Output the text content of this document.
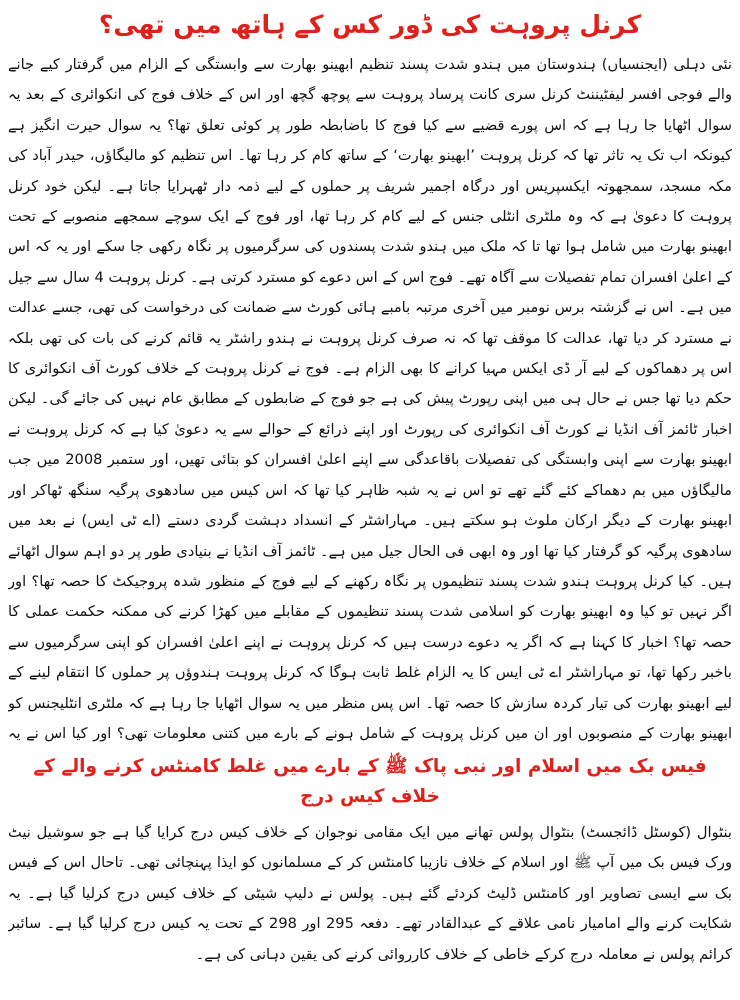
کرنل پروہت کی ڈور کس کے ہاتھ میں تھی؟

نئی دہلی (ایجنسیاں) ہندوستان میں ہندو شدت پسند تنظیم ابھینو بھارت سے وابستگی کے الزام میں گرفتار کیے جانے والے فوجی افسر لیفٹیننٹ کرنل سری کانت پرساد پروہت سے پوچھ گچھ اور اس کے خلاف فوج کی انکوائری کے بعد یہ سوال اٹھایا جا رہا ہے کہ اس پورے قضیے سے کیا فوج کا باضابطہ طور پر کوئی تعلق تھا؟ یہ سوال حیرت انگیز ہے کیونکہ اب تک یہ تاثر تھا کہ کرنل پروہت ’ابھینو بھارت‘ کے ساتھ کام کر رہا تھا۔ اس تنظیم کو مالیگاؤں، حیدر آباد کی مکہ مسجد، سمجھوتہ ایکسپریس اور درگاہ اجمیر شریف پر حملوں کے لیے ذمہ دار ٹھہرایا جاتا ہے۔ لیکن خود کرنل پروہت کا دعویٰ ہے کہ وہ ملٹری انٹلی جنس کے لیے کام کر رہا تھا، اور فوج کے ایک سوچے سمجھے منصوبے کے تحت ابھینو بھارت میں شامل ہوا تھا تا کہ ملک میں ہندو شدت پسندوں کی سرگرمیوں پر نگاہ رکھی جا سکے اور یہ کہ اس کے اعلیٰ افسران تمام تفصیلات سے آگاہ تھے۔ فوج اس کے اس دعوے کو مسترد کرتی ہے۔ کرنل پروہت 4 سال سے جیل میں ہے۔ اس نے گزشتہ برس نومبر میں آخری مرتبہ بامبے ہائی کورٹ سے ضمانت کی درخواست کی تھی، جسے عدالت نے مسترد کر دیا تھا، عدالت کا موقف تھا کہ نہ صرف کرنل پروہت نے ہندو راشٹر یہ قائم کرنے کی بات کی تھی بلکہ اس پر دھماکوں کے لیے آر ڈی ایکس مہیا کرانے کا بھی الزام ہے۔ فوج نے کرنل پروہت کے خلاف کورٹ آف انکوائری کا حکم دیا تھا جس نے حال ہی میں اپنی رپورٹ پیش کی ہے جو فوج کے ضابطوں کے مطابق عام نہیں کی جائے گی۔ لیکن اخبار ٹائمز آف انڈیا نے کورٹ آف انکوائری کی رپورٹ اور اپنے ذرائع کے حوالے سے یہ دعویٰ کیا ہے کہ کرنل پروہت نے ابھینو بھارت سے اپنی وابستگی کی تفصیلات باقاعدگی سے اپنے اعلیٰ افسران کو بتائی تھیں، اور ستمبر 2008 میں جب مالیگاؤں میں بم دھماکے کئے گئے تھے تو اس نے یہ شبہ ظاہر کیا تھا کہ اس کیس میں سادھوی پرگیہ سنگھ ٹھاکر اور ابھینو بھارت کے دیگر ارکان ملوث ہو سکتے ہیں۔ مہاراشٹر کے انسداد دہشت گردی دستے (اے ٹی ایس) نے بعد میں سادھوی پرگیہ کو گرفتار کیا تھا اور وہ ابھی فی الحال جیل میں ہے۔ ٹائمز آف انڈیا نے بنیادی طور پر دو اہم سوال اٹھائے ہیں۔ کیا کرنل پروہت ہندو شدت پسند تنظیموں پر نگاہ رکھنے کے لیے فوج کے منظور شدہ پروجیکٹ کا حصہ تھا؟ اور اگر نہیں تو کیا وہ ابھینو بھارت کو اسلامی شدت پسند تنظیموں کے مقابلے میں کھڑا کرنے کی ممکنہ حکمت عملی کا حصہ تھا؟ اخبار کا کہنا ہے کہ اگر یہ دعوے درست ہیں کہ کرنل پروہت نے اپنے اعلیٰ افسران کو اپنی سرگرمیوں سے باخبر رکھا تھا، تو مہاراشٹر اے ٹی ایس کا یہ الزام غلط ثابت ہوگا کہ کرنل پروہت ہندوؤں پر حملوں کا انتقام لینے کے لیے ابھینو بھارت کی تیار کردہ سازش کا حصہ تھا۔ اس پس منظر میں یہ سوال اٹھایا جا رہا ہے کہ ملٹری انٹلیجنس کو ابھینو بھارت کے منصوبوں اور ان میں کرنل پروہت کے شامل ہونے کے بارے میں کتنی معلومات تھی؟ اور کیا اس نے یہ

فیس بک میں اسلام اور نبی پاک ﷺ کے بارے میں غلط کامنٹس کرنے والے کے خلاف کیس درج

بنٹوال (کوسٹل ڈائجسٹ) بنٹوال پولس تھانے میں ایک مقامی نوجوان کے خلاف کیس درج کرایا گیا ہے جو سوشیل نیٹ ورک فیس بک میں آپ ﷺ اور اسلام کے خلاف نازیبا کامنٹس کر کے مسلمانوں کو ایذا پہنچائی تھی۔ تاحال اس کے فیس بک سے ایسی تصاویر اور کامنٹس ڈلیٹ کردئے گئے ہیں۔ پولس نے دلیپ شیٹی کے خلاف کیس درج کرلیا گیا ہے۔ یہ شکایت کرنے والے امامیار نامی علاقے کے عبدالقادر تھے۔ دفعہ 295 اور 298 کے تحت یہ کیس درج کرلیا گیا ہے۔ سائبر کرائم پولس نے معاملہ درج کرکے خاطی کے خلاف کارروائی کرنے کی یقین دہانی کی ہے۔
